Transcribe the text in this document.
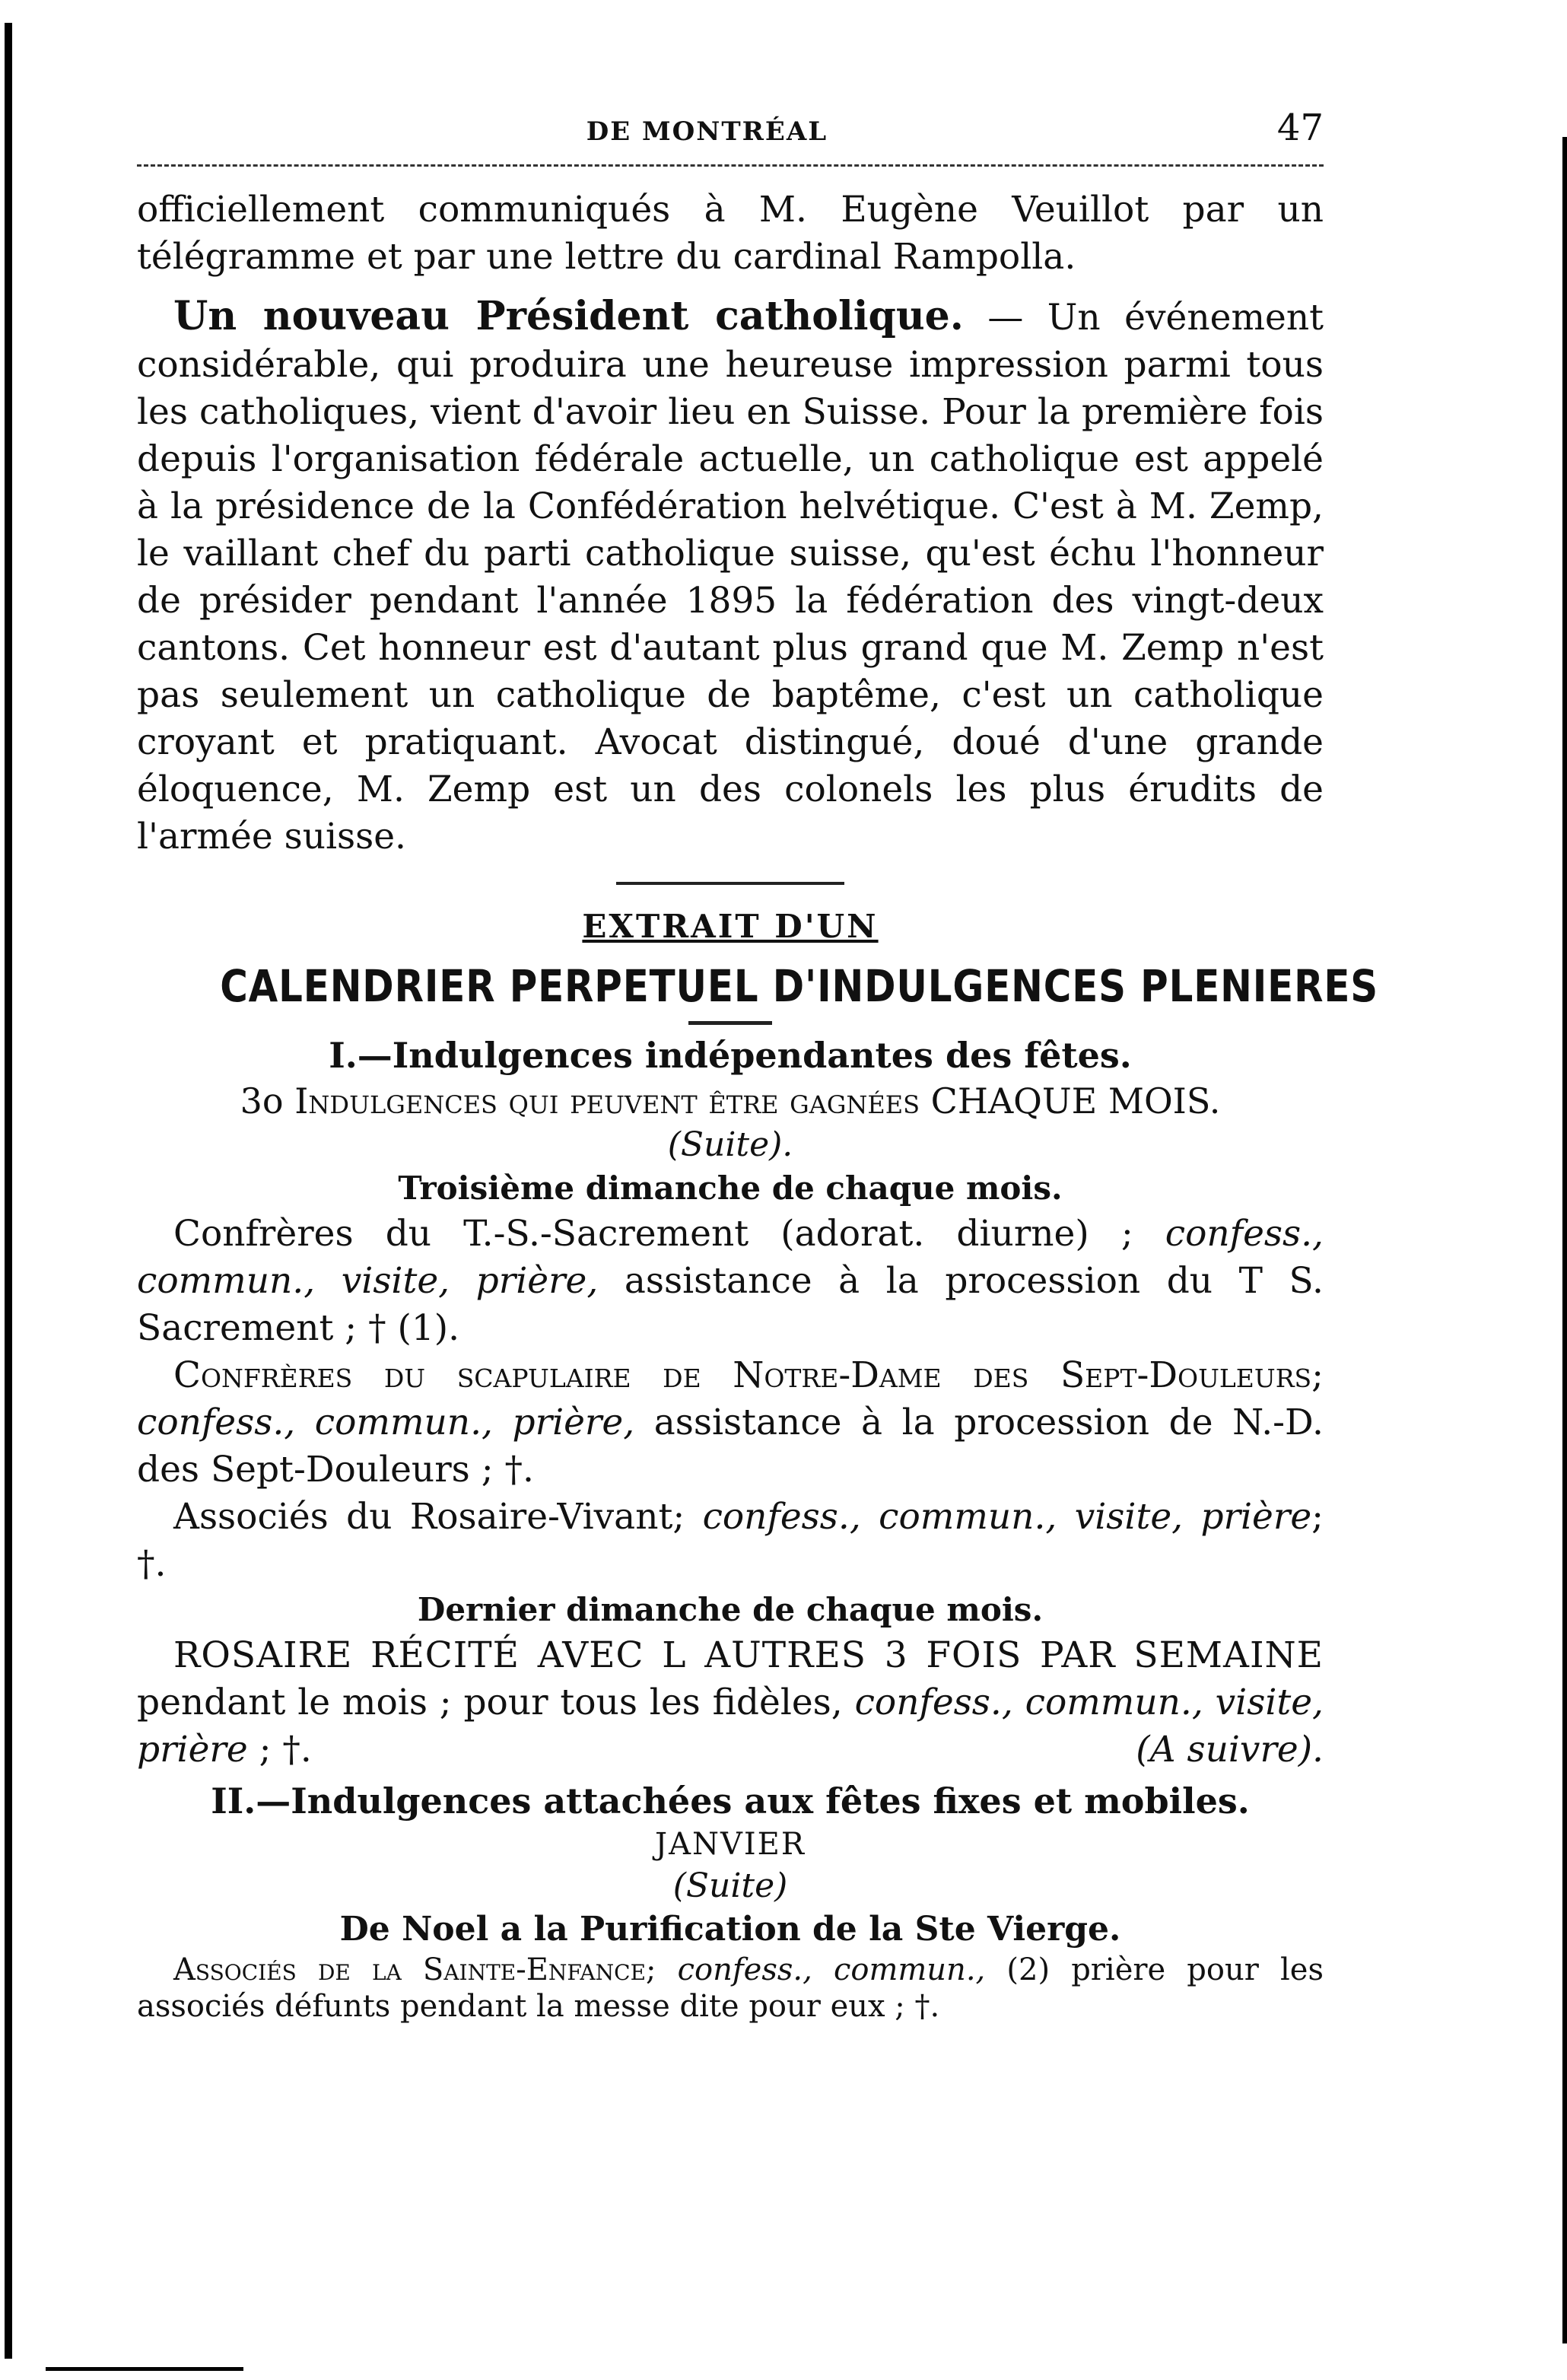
DE MONTRÉAL	47

officiellement communiqués à M. Eugène Veuillot par un télégramme et par une lettre du cardinal Rampolla.

Un nouveau Président catholique. — Un événement considérable, qui produira une heureuse impression parmi tous les catholiques, vient d'avoir lieu en Suisse. Pour la première fois depuis l'organisation fédérale actuelle, un catholique est appelé à la présidence de la Confédération helvétique. C'est à M. Zemp, le vaillant chef du parti catholique suisse, qu'est échu l'honneur de présider pendant l'année 1895 la fédération des vingt-deux cantons. Cet honneur est d'autant plus grand que M. Zemp n'est pas seulement un catholique de baptême, c'est un catholique croyant et pratiquant. Avocat distingué, doué d'une grande éloquence, M. Zemp est un des colonels les plus érudits de l'armée suisse.

EXTRAIT D'UN
CALENDRIER PERPETUEL D'INDULGENCES PLENIERES
I.—Indulgences indépendantes des fêtes.
3o Indulgences qui peuvent être gagnées CHAQUE MOIS.
(Suite).
Troisième dimanche de chaque mois.

Confrères du T.-S.-Sacrement (adorat. diurne) ; confess., commun., visite, prière, assistance à la procession du T S. Sacrement ; † (1).

Confrères du scapulaire de Notre-Dame des Sept-Douleurs; confess., commun., prière, assistance à la procession de N.-D. des Sept-Douleurs ; †.

Associés du Rosaire-Vivant; confess., commun., visite, prière; †.

Dernier dimanche de chaque mois.

ROSAIRE RÉCITÉ AVEC L AUTRES 3 FOIS PAR SEMAINE pendant le mois ; pour tous les fidèles, confess., commun., visite, prière ; †.	(A suivre).

II.—Indulgences attachées aux fêtes fixes et mobiles.
JANVIER
(Suite)
De Noel a la Purification de la Ste Vierge.

Associés de la Sainte-Enfance; confess., commun., (2) prière pour les associés défunts pendant la messe dite pour eux ; †.
